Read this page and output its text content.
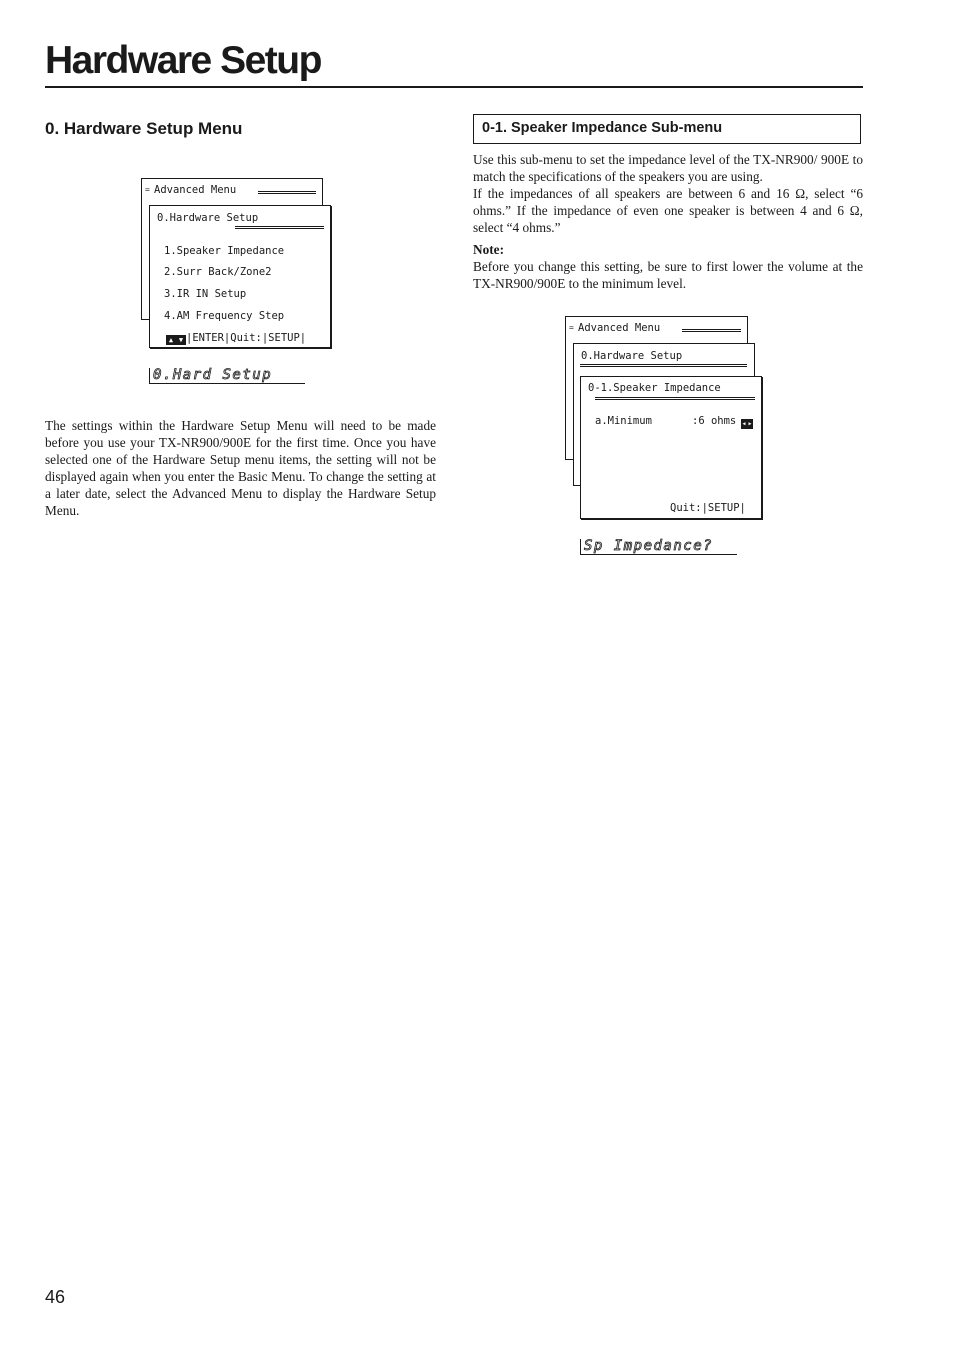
Hardware Setup
0. Hardware Setup Menu
Advanced Menu
=
0.Hardware Setup
1.Speaker Impedance
2.Surr Back/Zone2
3.IR IN Setup
4.AM Frequency Step
▲ ▼ |ENTER|Quit:|SETUP|
0.Hard Setup

The settings within the Hardware Setup Menu will need to be made before you use your TX-NR900/900E for the first time. Once you have selected one of the Hardware Setup menu items, the setting will not be displayed again when you enter the Basic Menu. To change the setting at a later date, select the Advanced Menu to display the Hardware Setup Menu.

0-1. Speaker Impedance Sub-menu
Use this sub-menu to set the impedance level of the TX-NR900/ 900E to match the specifications of the speakers you are using.
If the impedances of all speakers are between 6 and 16 Ω, select “6 ohms.” If the impedance of even one speaker is between 4 and 6 Ω, select “4 ohms.”
Note:
Before you change this setting, be sure to first lower the volume at the TX-NR900/900E to the minimum level.
Advanced Menu
=
0.Hardware Setup
0-1.Speaker Impedance
a.Minimum	:6 ohms ◀ ▶
Quit:|SETUP|
Sp Impedance?
46
